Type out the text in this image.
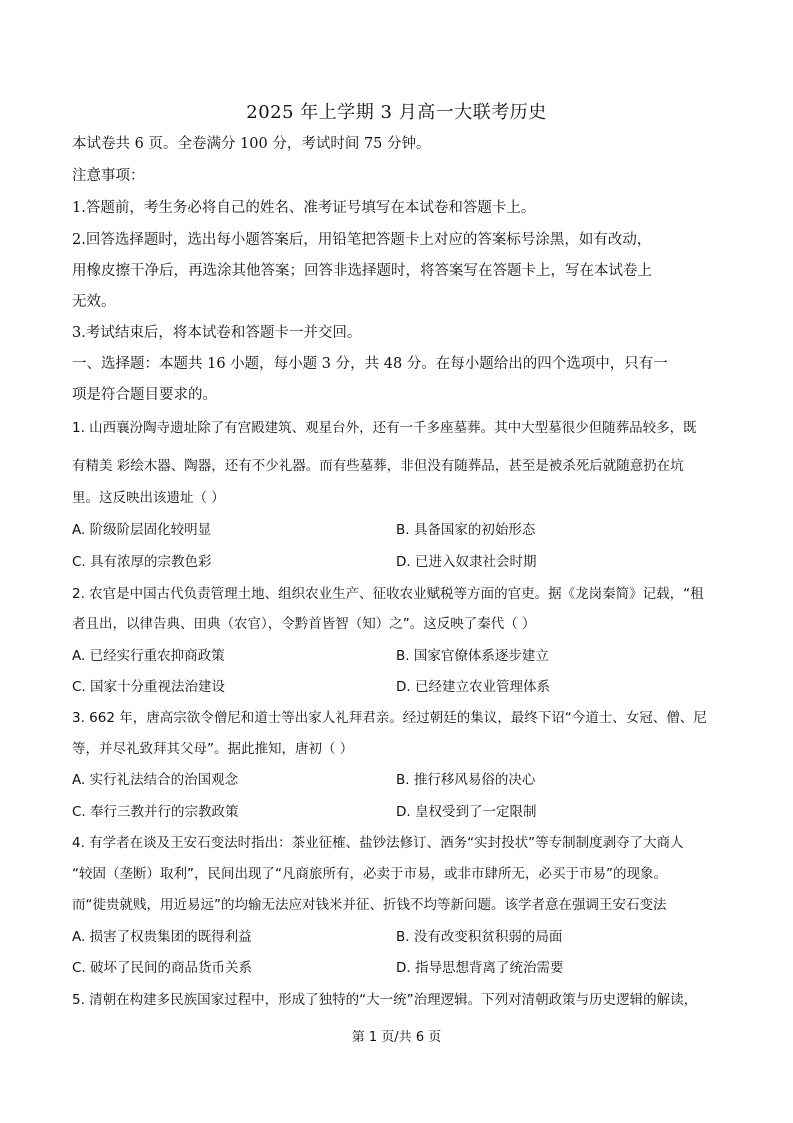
2025 年上学期 3 月高一大联考历史
本试卷共 6 页。全卷满分 100 分，考试时间 75 分钟。
注意事项：
1.答题前，考生务必将自己的姓名、准考证号填写在本试卷和答题卡上。
2.回答选择题时，选出每小题答案后，用铅笔把答题卡上对应的答案标号涂黑，如有改动，
用橡皮擦干净后，再选涂其他答案；回答非选择题时，将答案写在答题卡上，写在本试卷上
无效。
3.考试结束后，将本试卷和答题卡一并交回。
一、选择题：本题共 16 小题，每小题 3 分，共 48 分。在每小题给出的四个选项中，只有一
项是符合题目要求的。
1. 山西襄汾陶寺遗址除了有宫殿建筑、观星台外，还有一千多座墓葬。其中大型墓很少但随葬品较多，既
有精美 彩绘木器、陶器，还有不少礼器。而有些墓葬，非但没有随葬品，甚至是被杀死后就随意扔在坑
里。这反映出该遗址（ ）
A. 阶级阶层固化较明显	B. 具备国家的初始形态
C. 具有浓厚的宗教色彩	D. 已进入奴隶社会时期
2. 农官是中国古代负责管理土地、组织农业生产、征收农业赋税等方面的官吏。据《龙岗秦简》记载，“租
者且出，以律告典、田典（农官），令黔首皆智（知）之”。这反映了秦代（ ）
A. 已经实行重农抑商政策	B. 国家官僚体系逐步建立
C. 国家十分重视法治建设	D. 已经建立农业管理体系
3. 662 年，唐高宗欲令僧尼和道士等出家人礼拜君亲。经过朝廷的集议，最终下诏“今道士、女冠、僧、尼
等，并尽礼致拜其父母”。据此推知，唐初（ ）
A. 实行礼法结合的治国观念	B. 推行移风易俗的决心
C. 奉行三教并行的宗教政策	D. 皇权受到了一定限制
4. 有学者在谈及王安石变法时指出：茶业征榷、盐钞法修订、酒务“实封投状”等专制制度剥夺了大商人
“较固（垄断）取利”，民间出现了“凡商旅所有，必卖于市易，或非市肆所无，必买于市易”的现象。
而“徙贵就贱，用近易远”的均输无法应对钱米并征、折钱不均等新问题。该学者意在强调王安石变法
A. 损害了权贵集团的既得利益	B. 没有改变积贫积弱的局面
C. 破坏了民间的商品货币关系	D. 指导思想背离了统治需要
5. 清朝在构建多民族国家过程中，形成了独特的“大一统”治理逻辑。下列对清朝政策与历史逻辑的解读，
第 1 页/共 6 页
